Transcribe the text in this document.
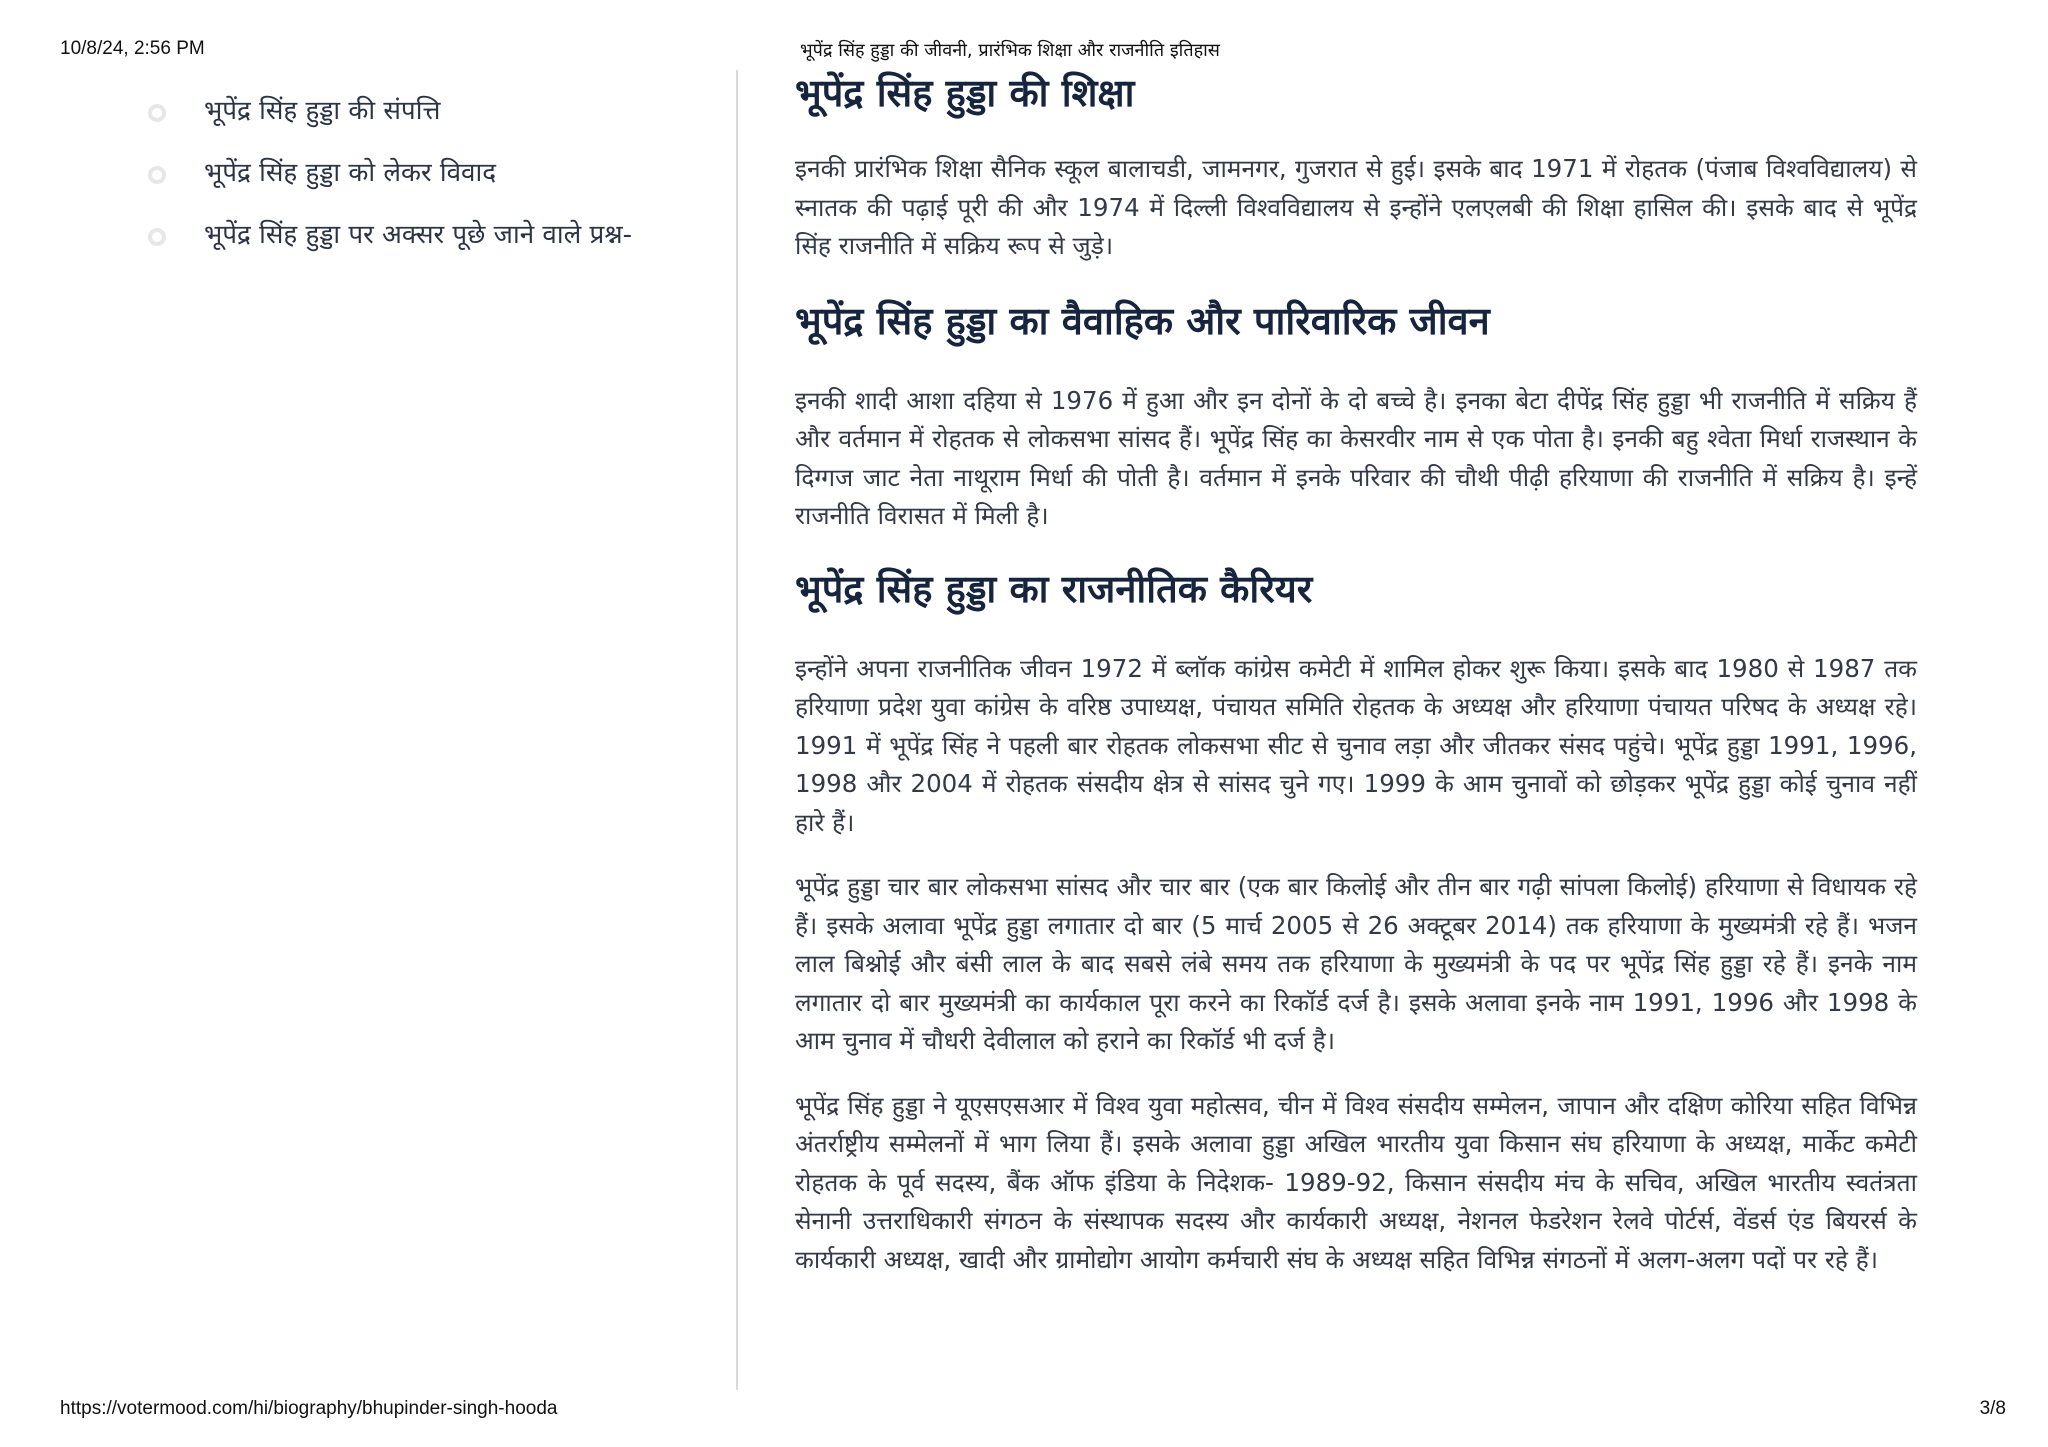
10/8/24, 2:56 PM	भूपेंद्र सिंह हुड्डा की जीवनी, प्रारंभिक शिक्षा और राजनीति इतिहास
भूपेंद्र सिंह हुड्डा की संपत्ति
भूपेंद्र सिंह हुड्डा को लेकर विवाद
भूपेंद्र सिंह हुड्डा पर अक्सर पूछे जाने वाले प्रश्न-
भूपेंद्र सिंह हुड्डा की शिक्षा

इनकी प्रारंभिक शिक्षा सैनिक स्कूल बालाचडी, जामनगर, गुजरात से हुई। इसके बाद 1971 में रोहतक (पंजाब विश्वविद्यालय) से स्नातक की पढ़ाई पूरी की और 1974 में दिल्ली विश्वविद्यालय से इन्होंने एलएलबी की शिक्षा हासिल की। इसके बाद से भूपेंद्र सिंह राजनीति में सक्रिय रूप से जुड़े।

भूपेंद्र सिंह हुड्डा का वैवाहिक और पारिवारिक जीवन

इनकी शादी आशा दहिया से 1976 में हुआ और इन दोनों के दो बच्चे है। इनका बेटा दीपेंद्र सिंह हुड्डा भी राजनीति में सक्रिय हैं और वर्तमान में रोहतक से लोकसभा सांसद हैं। भूपेंद्र सिंह का केसरवीर नाम से एक पोता है। इनकी बहु श्वेता मिर्धा राजस्थान के दिग्गज जाट नेता नाथूराम मिर्धा की पोती है। वर्तमान में इनके परिवार की चौथी पीढ़ी हरियाणा की राजनीति में सक्रिय है। इन्हें राजनीति विरासत में मिली है।

भूपेंद्र सिंह हुड्डा का राजनीतिक कैरियर

इन्होंने अपना राजनीतिक जीवन 1972 में ब्लॉक कांग्रेस कमेटी में शामिल होकर शुरू किया। इसके बाद 1980 से 1987 तक हरियाणा प्रदेश युवा कांग्रेस के वरिष्ठ उपाध्यक्ष, पंचायत समिति रोहतक के अध्यक्ष और हरियाणा पंचायत परिषद के अध्यक्ष रहे। 1991 में भूपेंद्र सिंह ने पहली बार रोहतक लोकसभा सीट से चुनाव लड़ा और जीतकर संसद पहुंचे। भूपेंद्र हुड्डा 1991, 1996, 1998 और 2004 में रोहतक संसदीय क्षेत्र से सांसद चुने गए। 1999 के आम चुनावों को छोड़कर भूपेंद्र हुड्डा कोई चुनाव नहीं हारे हैं।

भूपेंद्र हुड्डा चार बार लोकसभा सांसद और चार बार (एक बार किलोई और तीन बार गढ़ी सांपला किलोई) हरियाणा से विधायक रहे हैं। इसके अलावा भूपेंद्र हुड्डा लगातार दो बार (5 मार्च 2005 से 26 अक्टूबर 2014) तक हरियाणा के मुख्यमंत्री रहे हैं। भजन लाल बिश्नोई और बंसी लाल के बाद सबसे लंबे समय तक हरियाणा के मुख्यमंत्री के पद पर भूपेंद्र सिंह हुड्डा रहे हैं। इनके नाम लगातार दो बार मुख्यमंत्री का कार्यकाल पूरा करने का रिकॉर्ड दर्ज है। इसके अलावा इनके नाम 1991, 1996 और 1998 के आम चुनाव में चौधरी देवीलाल को हराने का रिकॉर्ड भी दर्ज है।

भूपेंद्र सिंह हुड्डा ने यूएसएसआर में विश्व युवा महोत्सव, चीन में विश्व संसदीय सम्मेलन, जापान और दक्षिण कोरिया सहित विभिन्न अंतर्राष्ट्रीय सम्मेलनों में भाग लिया हैं। इसके अलावा हुड्डा अखिल भारतीय युवा किसान संघ हरियाणा के अध्यक्ष, मार्केट कमेटी रोहतक के पूर्व सदस्य, बैंक ऑफ इंडिया के निदेशक- 1989-92, किसान संसदीय मंच के सचिव, अखिल भारतीय स्वतंत्रता सेनानी उत्तराधिकारी संगठन के संस्थापक सदस्य और कार्यकारी अध्यक्ष, नेशनल फेडरेशन रेलवे पोर्टर्स, वेंडर्स एंड बियरर्स के कार्यकारी अध्यक्ष, खादी और ग्रामोद्योग आयोग कर्मचारी संघ के अध्यक्ष सहित विभिन्न संगठनों में अलग-अलग पदों पर रहे हैं।

https://votermood.com/hi/biography/bhupinder-singh-hooda	3/8
